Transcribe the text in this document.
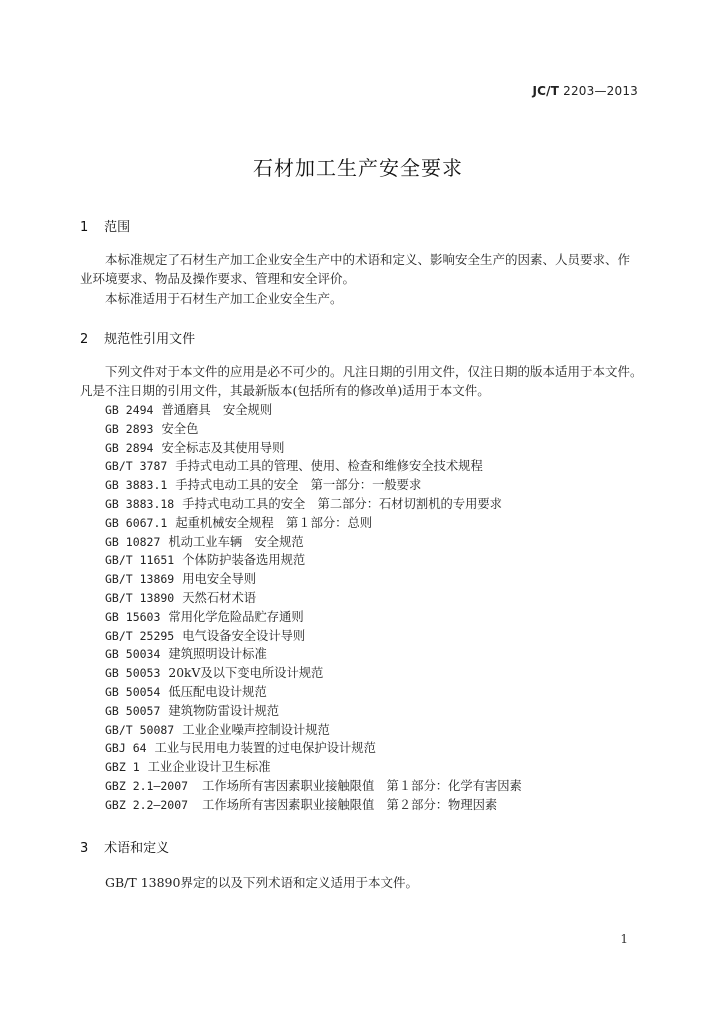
JC/T 2203—2013
石材加工生产安全要求
1 范围
本标准规定了石材生产加工企业安全生产中的术语和定义、影响安全生产的因素、人员要求、作业环境要求、物品及操作要求、管理和安全评价。
本标准适用于石材生产加工企业安全生产。
2 规范性引用文件
下列文件对于本文件的应用是必不可少的。凡注日期的引用文件，仅注日期的版本适用于本文件。凡是不注日期的引用文件，其最新版本(包括所有的修改单)适用于本文件。
GB 2494 普通磨具　安全规则
GB 2893 安全色
GB 2894 安全标志及其使用导则
GB/T 3787 手持式电动工具的管理、使用、检查和维修安全技术规程
GB 3883.1 手持式电动工具的安全　第一部分：一般要求
GB 3883.18 手持式电动工具的安全　第二部分：石材切割机的专用要求
GB 6067.1 起重机械安全规程　第１部分：总则
GB 10827 机动工业车辆　安全规范
GB/T 11651 个体防护装备选用规范
GB/T 13869 用电安全导则
GB/T 13890 天然石材术语
GB 15603 常用化学危险品贮存通则
GB/T 25295 电气设备安全设计导则
GB 50034 建筑照明设计标准
GB 50053 20kV及以下变电所设计规范
GB 50054 低压配电设计规范
GB 50057 建筑物防雷设计规范
GB/T 50087 工业企业噪声控制设计规范
GBJ 64 工业与民用电力装置的过电保护设计规范
GBZ 1 工业企业设计卫生标准
GBZ 2.1—2007 工作场所有害因素职业接触限值　第１部分：化学有害因素
GBZ 2.2—2007 工作场所有害因素职业接触限值　第２部分：物理因素
3 术语和定义
GB/T 13890界定的以及下列术语和定义适用于本文件。
1
